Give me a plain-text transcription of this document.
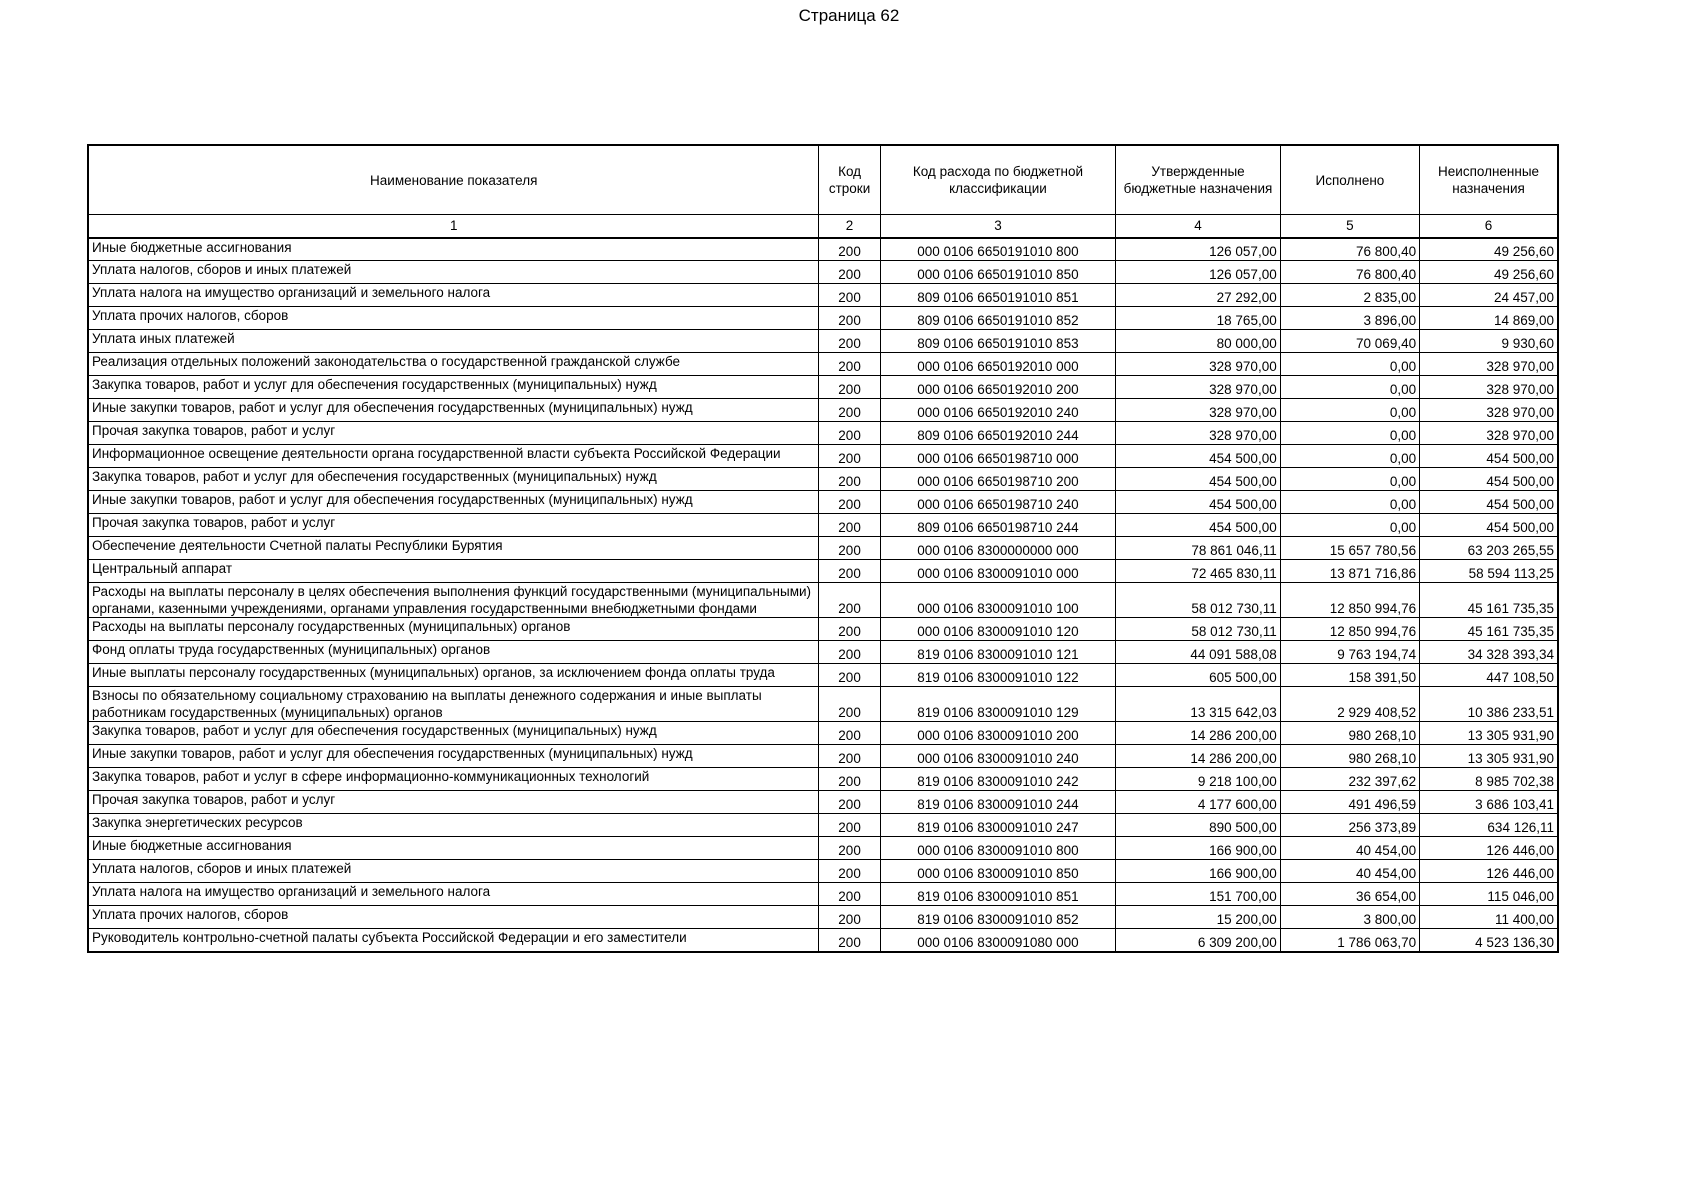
Страница 62
Наименование показателя	Код строки	Код расхода по бюджетной классификации	Утвержденные бюджетные назначения	Исполнено	Неисполненные назначения
1	2	3	4	5	6
Иные бюджетные ассигнования	200	000 0106 6650191010 800	126 057,00	76 800,40	49 256,60
Уплата налогов, сборов и иных платежей	200	000 0106 6650191010 850	126 057,00	76 800,40	49 256,60
Уплата налога на имущество организаций и земельного налога	200	809 0106 6650191010 851	27 292,00	2 835,00	24 457,00
Уплата прочих налогов, сборов	200	809 0106 6650191010 852	18 765,00	3 896,00	14 869,00
Уплата иных платежей	200	809 0106 6650191010 853	80 000,00	70 069,40	9 930,60
Реализация отдельных положений законодательства о государственной гражданской службе	200	000 0106 6650192010 000	328 970,00	0,00	328 970,00
Закупка товаров, работ и услуг для обеспечения государственных (муниципальных) нужд	200	000 0106 6650192010 200	328 970,00	0,00	328 970,00
Иные закупки товаров, работ и услуг для обеспечения государственных (муниципальных) нужд	200	000 0106 6650192010 240	328 970,00	0,00	328 970,00
Прочая закупка товаров, работ и услуг	200	809 0106 6650192010 244	328 970,00	0,00	328 970,00
Информационное освещение деятельности органа государственной власти субъекта Российской Федерации	200	000 0106 6650198710 000	454 500,00	0,00	454 500,00
Закупка товаров, работ и услуг для обеспечения государственных (муниципальных) нужд	200	000 0106 6650198710 200	454 500,00	0,00	454 500,00
Иные закупки товаров, работ и услуг для обеспечения государственных (муниципальных) нужд	200	000 0106 6650198710 240	454 500,00	0,00	454 500,00
Прочая закупка товаров, работ и услуг	200	809 0106 6650198710 244	454 500,00	0,00	454 500,00
Обеспечение деятельности Счетной палаты Республики Бурятия	200	000 0106 8300000000 000	78 861 046,11	15 657 780,56	63 203 265,55
Центральный аппарат	200	000 0106 8300091010 000	72 465 830,11	13 871 716,86	58 594 113,25
Расходы на выплаты персоналу в целях обеспечения выполнения функций государственными (муниципальными) органами, казенными учреждениями, органами управления государственными внебюджетными фондами	200	000 0106 8300091010 100	58 012 730,11	12 850 994,76	45 161 735,35
Расходы на выплаты персоналу государственных (муниципальных) органов	200	000 0106 8300091010 120	58 012 730,11	12 850 994,76	45 161 735,35
Фонд оплаты труда государственных (муниципальных) органов	200	819 0106 8300091010 121	44 091 588,08	9 763 194,74	34 328 393,34
Иные выплаты персоналу государственных (муниципальных) органов, за исключением фонда оплаты труда	200	819 0106 8300091010 122	605 500,00	158 391,50	447 108,50
Взносы по обязательному социальному страхованию на выплаты денежного содержания и иные выплаты работникам государственных (муниципальных) органов	200	819 0106 8300091010 129	13 315 642,03	2 929 408,52	10 386 233,51
Закупка товаров, работ и услуг для обеспечения государственных (муниципальных) нужд	200	000 0106 8300091010 200	14 286 200,00	980 268,10	13 305 931,90
Иные закупки товаров, работ и услуг для обеспечения государственных (муниципальных) нужд	200	000 0106 8300091010 240	14 286 200,00	980 268,10	13 305 931,90
Закупка товаров, работ и услуг в сфере информационно-коммуникационных технологий	200	819 0106 8300091010 242	9 218 100,00	232 397,62	8 985 702,38
Прочая закупка товаров, работ и услуг	200	819 0106 8300091010 244	4 177 600,00	491 496,59	3 686 103,41
Закупка энергетических ресурсов	200	819 0106 8300091010 247	890 500,00	256 373,89	634 126,11
Иные бюджетные ассигнования	200	000 0106 8300091010 800	166 900,00	40 454,00	126 446,00
Уплата налогов, сборов и иных платежей	200	000 0106 8300091010 850	166 900,00	40 454,00	126 446,00
Уплата налога на имущество организаций и земельного налога	200	819 0106 8300091010 851	151 700,00	36 654,00	115 046,00
Уплата прочих налогов, сборов	200	819 0106 8300091010 852	15 200,00	3 800,00	11 400,00
Руководитель контрольно-счетной палаты субъекта Российской Федерации и его заместители	200	000 0106 8300091080 000	6 309 200,00	1 786 063,70	4 523 136,30
